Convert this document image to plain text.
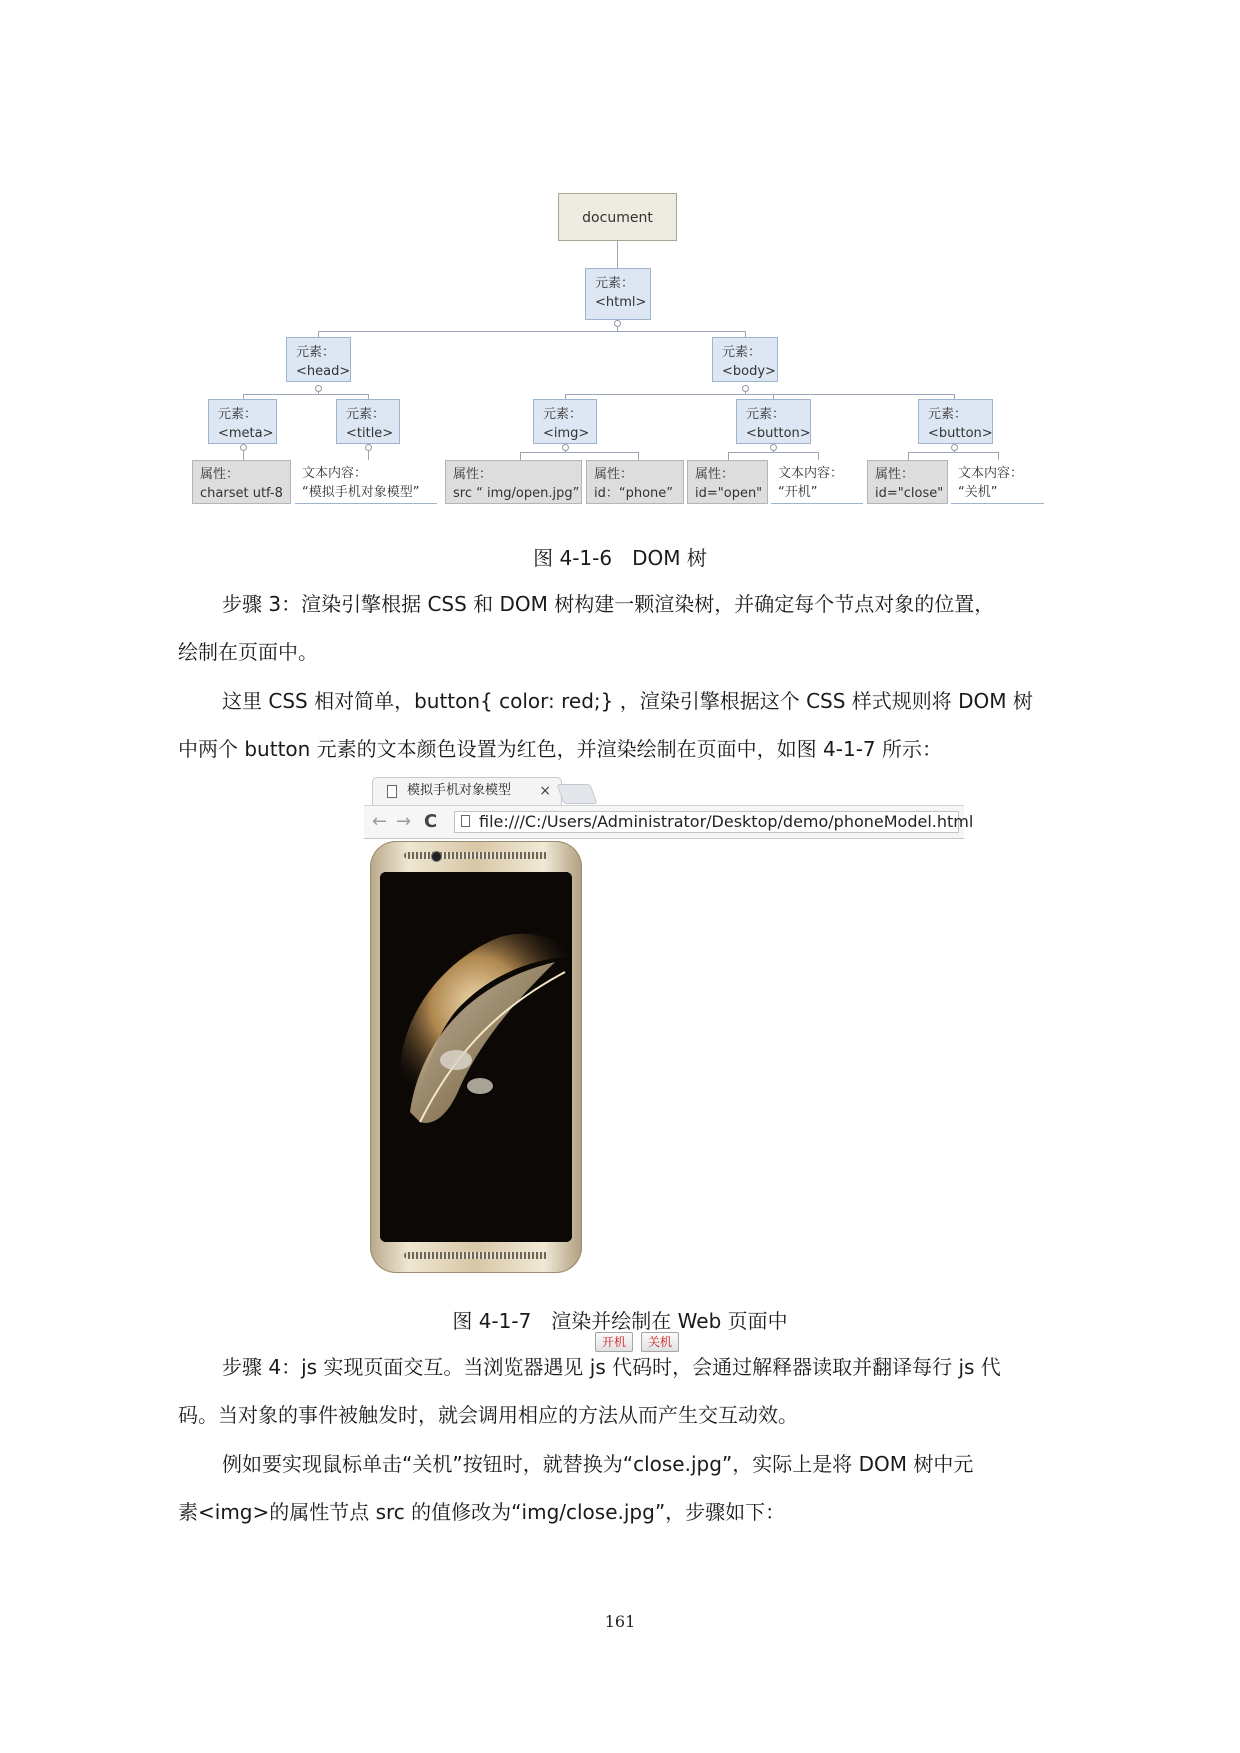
document
元素：
<html>
元素：
<head>
元素：
<body>
元素：
<meta>
元素：
<title>
元素：
<img>
元素：
<button>
元素：
<button>
属性：
charset utf-8
文本内容：
“模拟手机对象模型”
属性：
src “ img/open.jpg”
属性：
id：“phone”
属性：
id="open"
文本内容：
“开机”
属性：
id="close"
文本内容：
“关机”
图 4-1-6　DOM 树
步骤 3：渲染引擎根据 CSS 和 DOM 树构建一颗渲染树，并确定每个节点对象的位置，
绘制在页面中。
这里 CSS 相对简单，button{ color: red;} ，渲染引擎根据这个 CSS 样式规则将 DOM 树
中两个 button 元素的文本颜色设置为红色，并渲染绘制在页面中，如图 4-1-7 所示：
模拟手机对象模型 ×
← → C	file:///C:/Users/Administrator/Desktop/demo/phoneModel.html
开机	关机
图 4-1-7　渲染并绘制在 Web 页面中
步骤 4：js 实现页面交互。当浏览器遇见 js 代码时，会通过解释器读取并翻译每行 js 代
码。当对象的事件被触发时，就会调用相应的方法从而产生交互动效。
例如要实现鼠标单击“关机”按钮时，就替换为“close.jpg”，实际上是将 DOM 树中元
素<img>的属性节点 src 的值修改为“img/close.jpg”，步骤如下：
161
